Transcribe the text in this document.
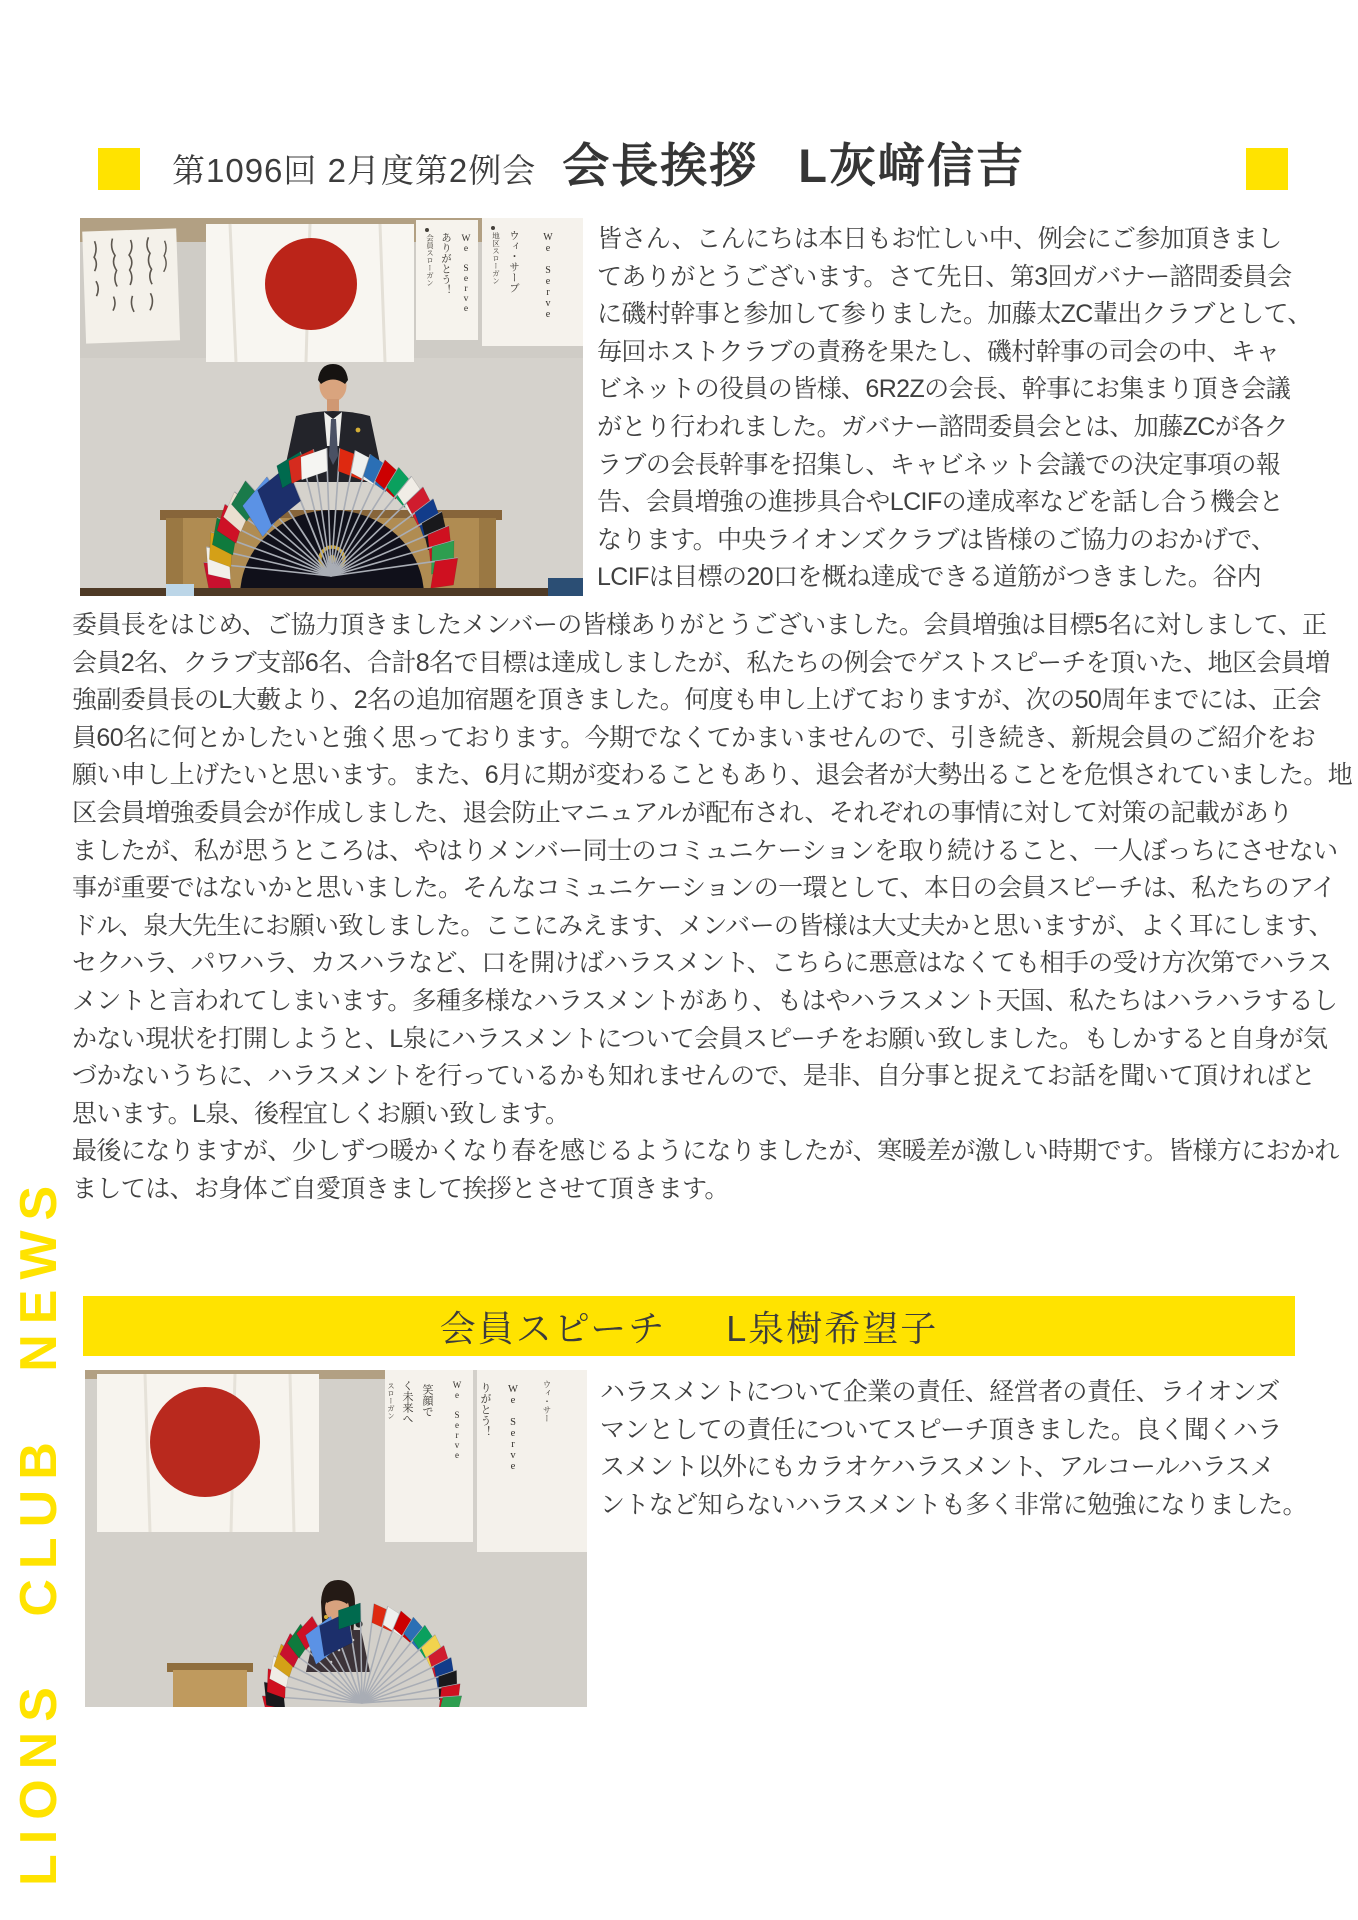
LIONS CLUB NEWS
第1096回 2月度第2例会 会長挨拶 L灰﨑信吉
会員スローガン ありがとう！ We Serve	地区スローガン ウィ・サーブ We Serve 皆さん、こんにちは本日もお忙しい中、例会にご参加頂きまし
てありがとうございます。さて先日、第3回ガバナー諮問委員会
に磯村幹事と参加して参りました。加藤太ZC輩出クラブとして、
毎回ホストクラブの責務を果たし、磯村幹事の司会の中、キャ
ビネットの役員の皆様、6R2Zの会長、幹事にお集まり頂き会議
がとり行われました。ガバナー諮問委員会とは、加藤ZCが各ク
ラブの会長幹事を招集し、キャビネット会議での決定事項の報
告、会員増強の進捗具合やLCIFの達成率などを話し合う機会と
なります。中央ライオンズクラブは皆様のご協力のおかげで、
LCIFは目標の20口を概ね達成できる道筋がつきました。谷内
委員長をはじめ、ご協力頂きましたメンバーの皆様ありがとうございました。会員増強は目標5名に対しまして、正
会員2名、クラブ支部6名、合計8名で目標は達成しましたが、私たちの例会でゲストスピーチを頂いた、地区会員増
強副委員長のL大藪より、2名の追加宿題を頂きました。何度も申し上げておりますが、次の50周年までには、正会
員60名に何とかしたいと強く思っております。今期でなくてかまいませんので、引き続き、新規会員のご紹介をお
願い申し上げたいと思います。また、6月に期が変わることもあり、退会者が大勢出ることを危惧されていました。地
区会員増強委員会が作成しました、退会防止マニュアルが配布され、それぞれの事情に対して対策の記載があり
ましたが、私が思うところは、やはりメンバー同士のコミュニケーションを取り続けること、一人ぼっちにさせない
事が重要ではないかと思いました。そんなコミュニケーションの一環として、本日の会員スピーチは、私たちのアイ
ドル、泉大先生にお願い致しました。ここにみえます、メンバーの皆様は大丈夫かと思いますが、よく耳にします、
セクハラ、パワハラ、カスハラなど、口を開けばハラスメント、こちらに悪意はなくても相手の受け方次第でハラス
メントと言われてしまいます。多種多様なハラスメントがあり、もはやハラスメント天国、私たちはハラハラするし
かない現状を打開しようと、L泉にハラスメントについて会員スピーチをお願い致しました。もしかすると自身が気
づかないうちに、ハラスメントを行っているかも知れませんので、是非、自分事と捉えてお話を聞いて頂ければと
思います。L泉、後程宜しくお願い致します。
最後になりますが、少しずつ暖かくなり春を感じるようになりましたが、寒暖差が激しい時期です。皆様方におかれ
ましては、お身体ご自愛頂きまして挨拶とさせて頂きます。
会員スピーチ L泉樹希望子
スローガン く未来へ 笑顔で We Serve りがとう！ We Serve	ウィ・サー ハラスメントについて企業の責任、経営者の責任、ライオンズ
マンとしての責任についてスピーチ頂きました。良く聞くハラ
スメント以外にもカラオケハラスメント、アルコールハラスメ
ントなど知らないハラスメントも多く非常に勉強になりました。
